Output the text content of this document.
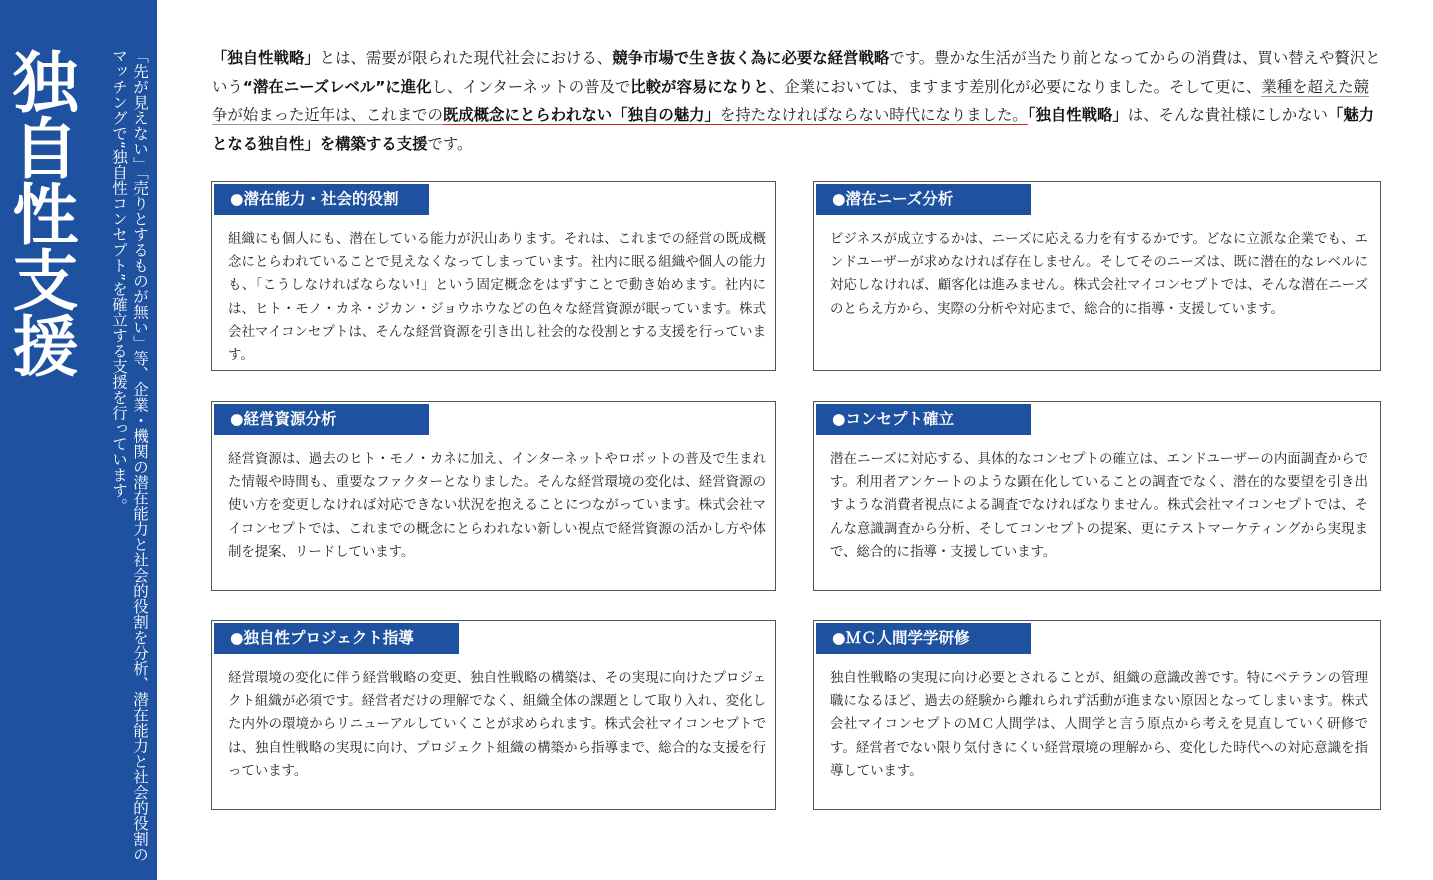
独自性支援	「先が見えない」「売りとするものが無い」等、企業・機関の潜在能力と社会的役割を分析、潜在能力と社会的役割のマッチングで“独自性コンセプト”を確立する支援を行っています。	「独自性戦略」とは、需要が限られた現代社会における、競争市場で生き抜く為に必要な経営戦略です。豊かな生活が当たり前となってからの消費は、買い替えや贅沢という“潜在ニーズレベル”に進化し、インターネットの普及で比較が容易になりと、企業においては、ますます差別化が必要になりました。そして更に、業種を超えた競争が始まった近年は、これまでの既成概念にとらわれない「独自の魅力」を持たなければならない時代になりました。「独自性戦略」は、そんな貴社様にしかない「魅力となる独自性」を構築する支援です。
●潜在能力・社会的役割
組織にも個人にも、潜在している能力が沢山あります。それは、これまでの経営の既成概念にとらわれていることで見えなくなってしまっています。社内に眠る組織や個人の能力も、「こうしなければならない!」という固定概念をはずすことで動き始めます。社内には、ヒト・モノ・カネ・ジカン・ジョウホウなどの色々な経営資源が眠っています。株式会社マイコンセプトは、そんな経営資源を引き出し社会的な役割とする支援を行っています。
●潜在ニーズ分析
ビジネスが成立するかは、ニーズに応える力を有するかです。どなに立派な企業でも、エンドユーザーが求めなければ存在しません。そしてそのニーズは、既に潜在的なレベルに対応しなければ、顧客化は進みません。株式会社マイコンセプトでは、そんな潜在ニーズのとらえ方から、実際の分析や対応まで、総合的に指導・支援しています。
●経営資源分析
経営資源は、過去のヒト・モノ・カネに加え、インターネットやロボットの普及で生まれた情報や時間も、重要なファクターとなりました。そんな経営環境の変化は、経営資源の使い方を変更しなければ対応できない状況を抱えることにつながっています。株式会社マイコンセプトでは、これまでの概念にとらわれない新しい視点で経営資源の活かし方や体制を提案、リードしています。
●コンセプト確立
潜在ニーズに対応する、具体的なコンセプトの確立は、エンドユーザーの内面調査からです。利用者アンケートのような顕在化していることの調査でなく、潜在的な要望を引き出すような消費者視点による調査でなければなりません。株式会社マイコンセプトでは、そんな意識調査から分析、そしてコンセプトの提案、更にテストマーケティングから実現まで、総合的に指導・支援しています。
●独自性プロジェクト指導
経営環境の変化に伴う経営戦略の変更、独自性戦略の構築は、その実現に向けたプロジェクト組織が必須です。経営者だけの理解でなく、組織全体の課題として取り入れ、変化した内外の環境からリニューアルしていくことが求められます。株式会社マイコンセプトでは、独自性戦略の実現に向け、プロジェクト組織の構築から指導まで、総合的な支援を行っています。
●ＭＣ人間学学研修
独自性戦略の実現に向け必要とされることが、組織の意識改善です。特にベテランの管理職になるほど、過去の経験から離れられず活動が進まない原因となってしまいます。株式会社マイコンセプトのＭＣ人間学は、人間学と言う原点から考えを見直していく研修です。経営者でない限り気付きにくい経営環境の理解から、変化した時代への対応意識を指導しています。
